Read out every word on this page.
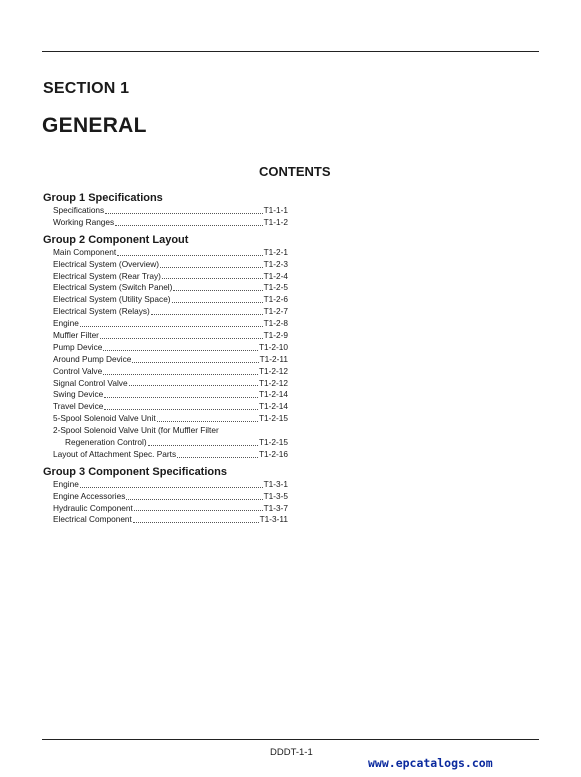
SECTION 1
GENERAL
CONTENTS
Group 1 Specifications
Specifications	T1-1-1
Working Ranges	T1-1-2
Group 2 Component Layout
Main Component	T1-2-1
Electrical System (Overview)	T1-2-3
Electrical System (Rear Tray)	T1-2-4
Electrical System (Switch Panel)	T1-2-5
Electrical System (Utility Space)	T1-2-6
Electrical System (Relays)	T1-2-7
Engine	T1-2-8
Muffler Filter	T1-2-9
Pump Device	T1-2-10
Around Pump Device	T1-2-11
Control Valve	T1-2-12
Signal Control Valve	T1-2-12
Swing Device	T1-2-14
Travel Device	T1-2-14
5-Spool Solenoid Valve Unit	T1-2-15
2-Spool Solenoid Valve Unit (for Muffler Filter
Regeneration Control)	T1-2-15
Layout of Attachment Spec. Parts	T1-2-16
Group 3 Component Specifications
Engine	T1-3-1
Engine Accessories	T1-3-5
Hydraulic Component	T1-3-7
Electrical Component	T1-3-11
DDDT-1-1
www.epcatalogs.com
